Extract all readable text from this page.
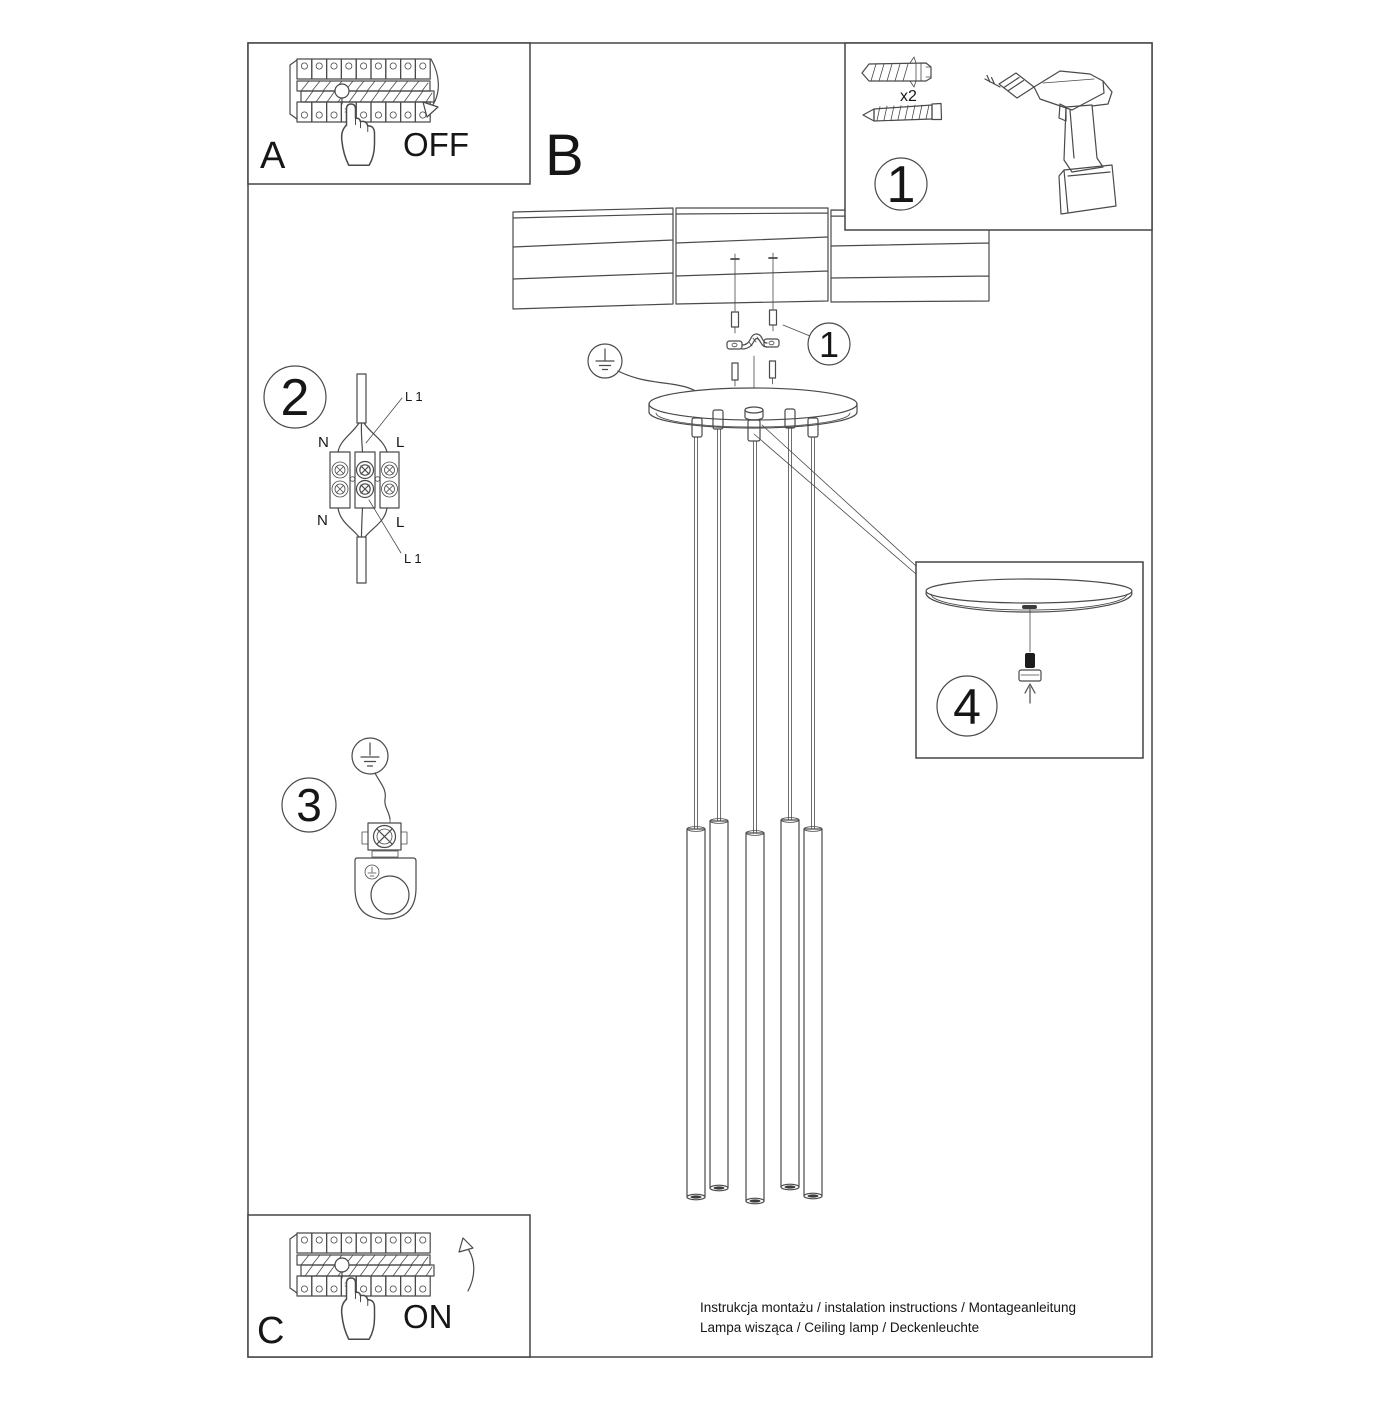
1
4
x2
1
A	OFF B
2
N	L
N	L
L 1
L 1
3
C	ON	Instrukcja montażu / instalation instructions / Montageanleitung
Lampa wisząca / Ceiling lamp / Deckenleuchte
